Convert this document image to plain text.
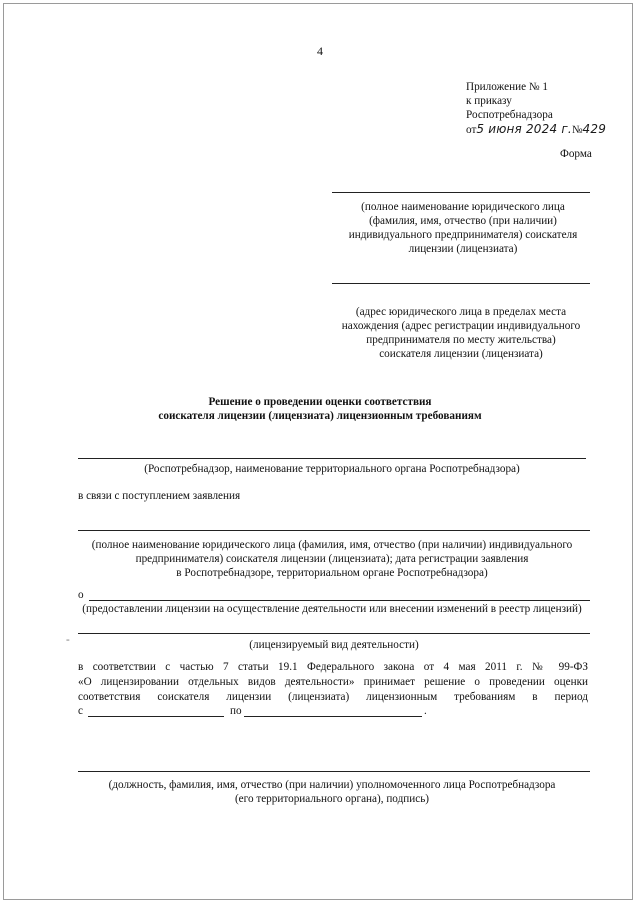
4
Приложение № 1
к приказу
Роспотребнадзора
от5 июня 2024 г.№429
Форма
(полное наименование юридического лица
(фамилия, имя, отчество (при наличии)
индивидуального предпринимателя) соискателя
лицензии (лицензиата)
(адрес юридического лица в пределах места
нахождения (адрес регистрации индивидуального
предпринимателя по месту жительства)
соискателя лицензии (лицензиата)
Решение о проведении оценки соответствия
соискателя лицензии (лицензиата) лицензионным требованиям
(Роспотребнадзор, наименование территориального органа Роспотребнадзора)
в связи с поступлением заявления
(полное наименование юридического лица (фамилия, имя, отчество (при наличии) индивидуального
предпринимателя) соискателя лицензии (лицензиата); дата регистрации заявления
в Роспотребнадзоре, территориальном органе Роспотребнадзора)
о
(предоставлении лицензии на осуществление деятельности или внесении изменений в реестр лицензий)
-	(лицензируемый вид деятельности)
в соответствии с частью 7 статьи 19.1 Федерального закона от 4 мая 2011 г. № 99-ФЗ
«О лицензировании отдельных видов деятельности» принимает решение о проведении оценки
соответствия соискателя лицензии (лицензиата) лицензионным требованиям в период
с	по	.
(должность, фамилия, имя, отчество (при наличии) уполномоченного лица Роспотребнадзора
(его территориального органа), подпись)
